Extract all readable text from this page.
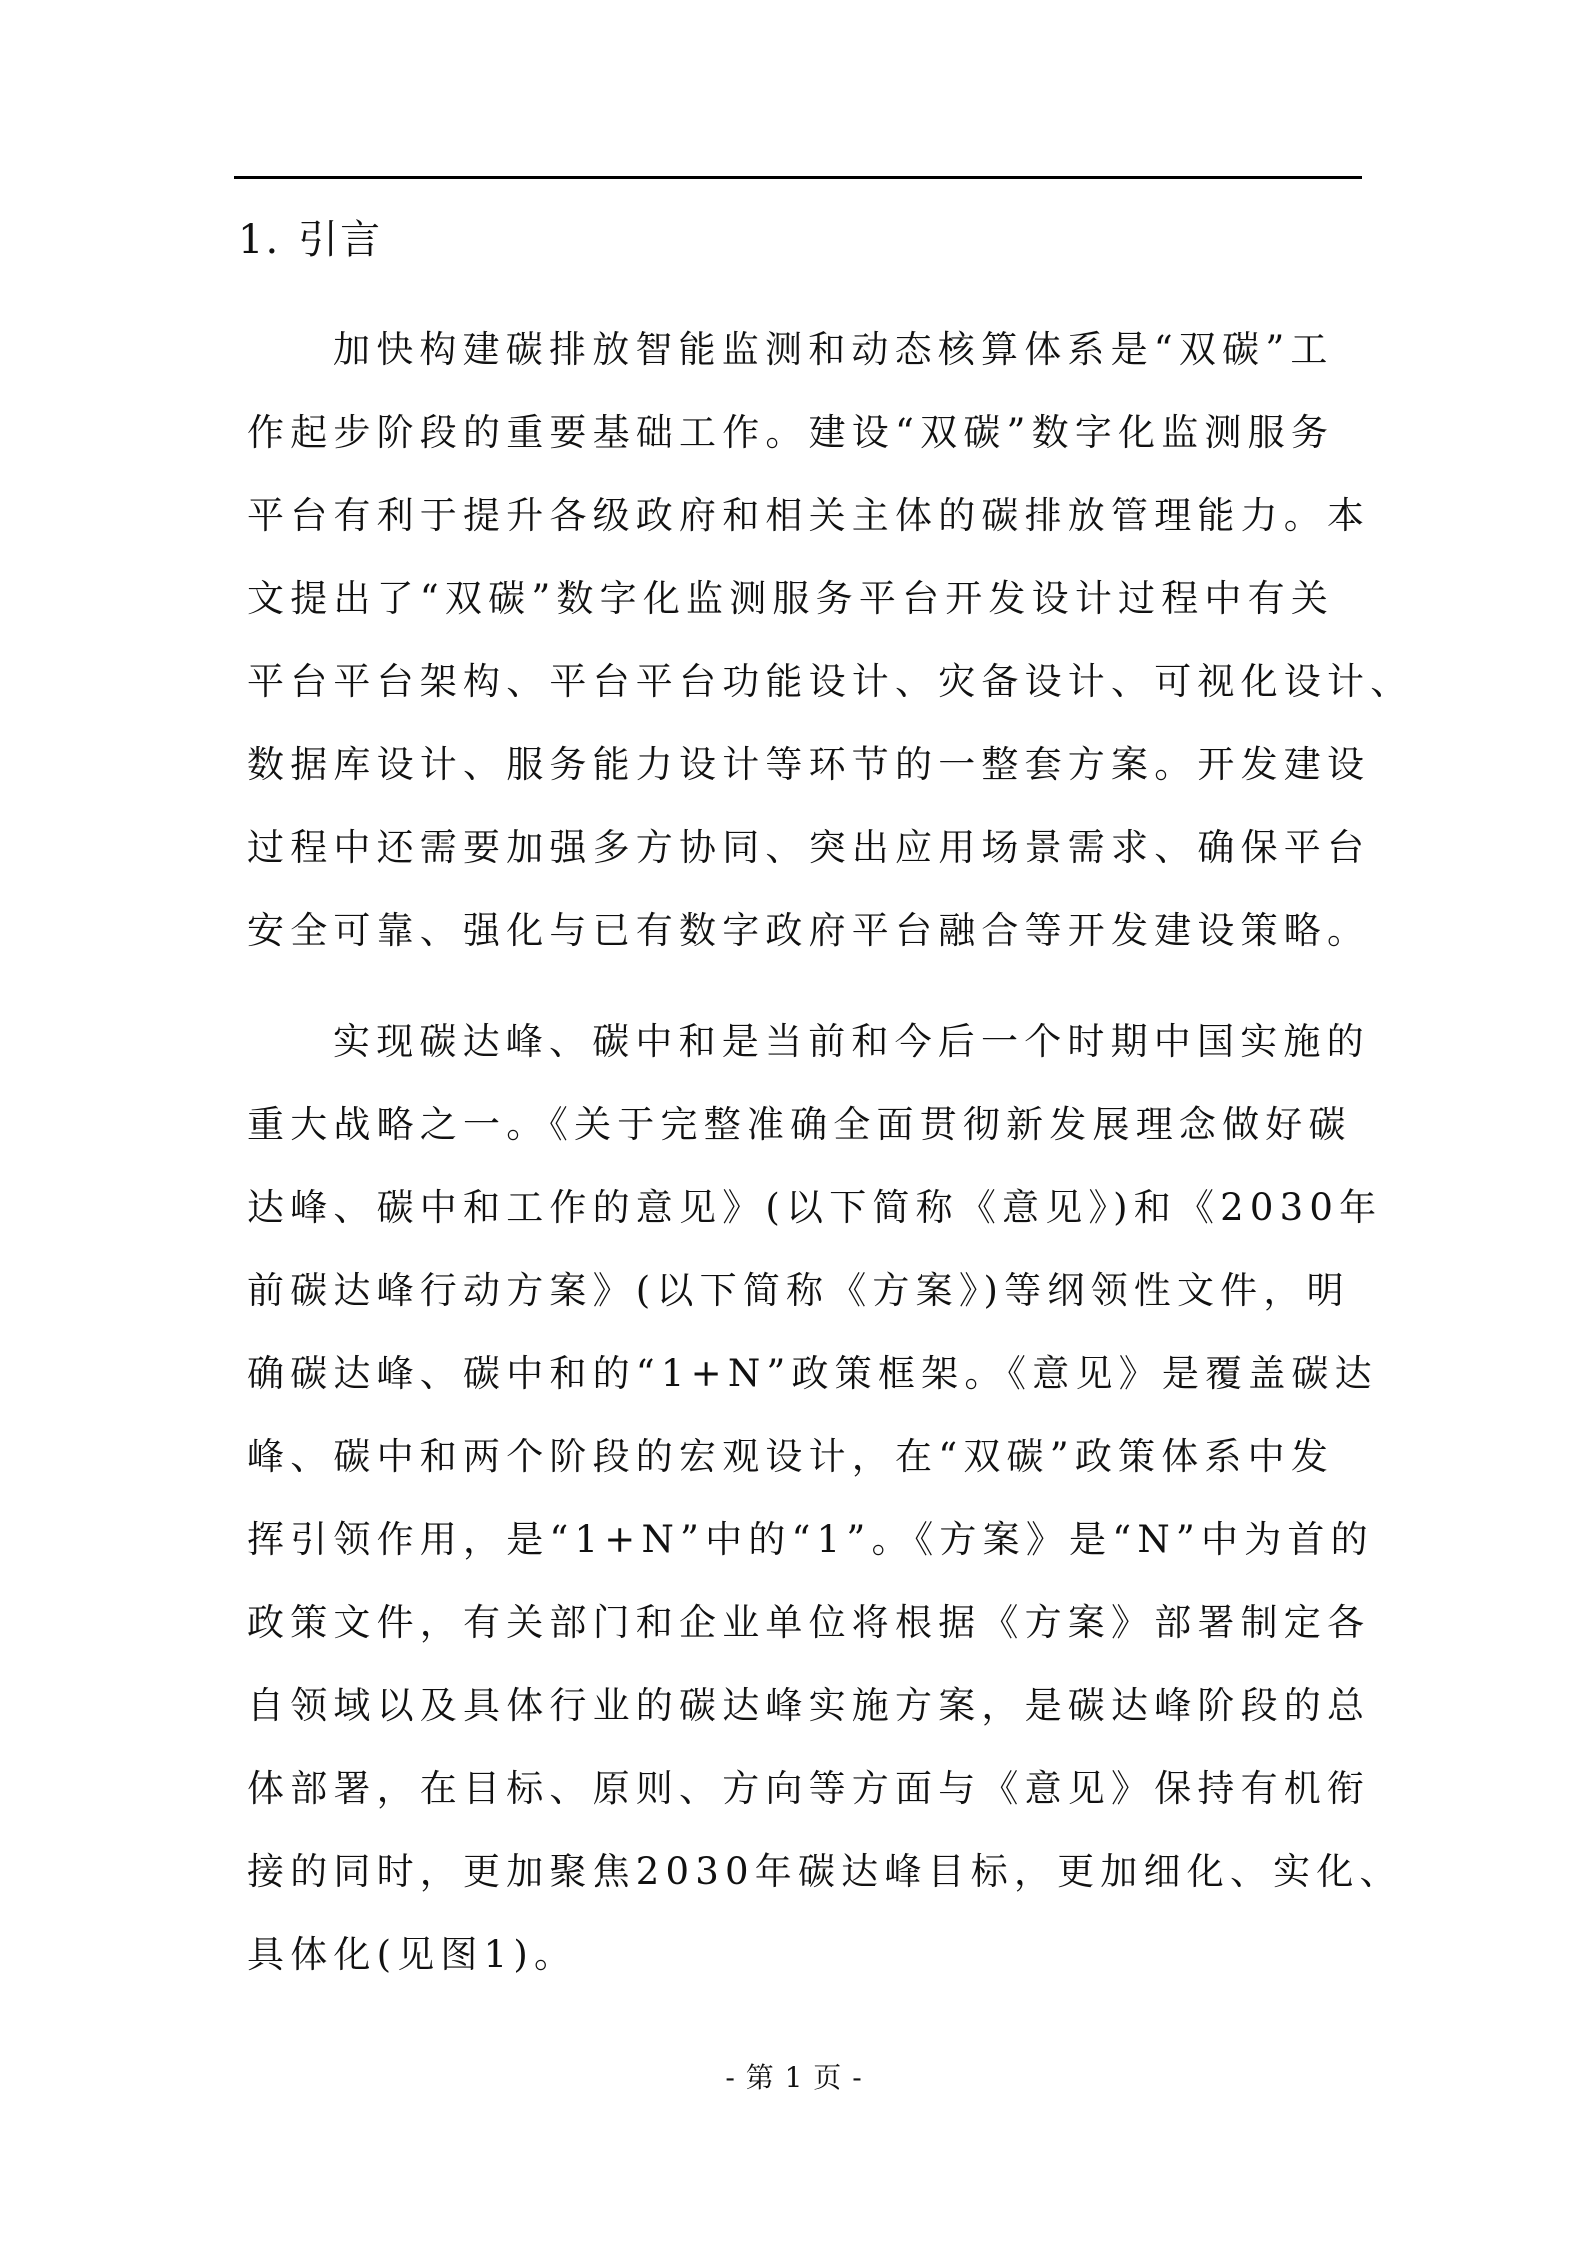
1. 引言

加快构建碳排放智能监测和动态核算体系是“双碳”工
作起步阶段的重要基础工作。建设“双碳”数字化监测服务
平台有利于提升各级政府和相关主体的碳排放管理能力。本
文提出了“双碳”数字化监测服务平台开发设计过程中有关
平台平台架构、平台平台功能设计、灾备设计、可视化设计、
数据库设计、服务能力设计等环节的一整套方案。开发建设
过程中还需要加强多方协同、突出应用场景需求、确保平台
安全可靠、强化与已有数字政府平台融合等开发建设策略。

实现碳达峰、碳中和是当前和今后一个时期中国实施的
重大战略之一。《关于完整准确全面贯彻新发展理念做好碳
达峰、碳中和工作的意见》(以下简称《意见》)和《2030年
前碳达峰行动方案》(以下简称《方案》)等纲领性文件，明
确碳达峰、碳中和的“1+N”政策框架。《意见》是覆盖碳达
峰、碳中和两个阶段的宏观设计，在“双碳”政策体系中发
挥引领作用，是“1+N”中的“1”。《方案》是“N”中为首的
政策文件，有关部门和企业单位将根据《方案》部署制定各
自领域以及具体行业的碳达峰实施方案，是碳达峰阶段的总
体部署，在目标、原则、方向等方面与《意见》保持有机衔
接的同时，更加聚焦2030年碳达峰目标，更加细化、实化、
具体化(见图1)。

- 第 1 页 -
